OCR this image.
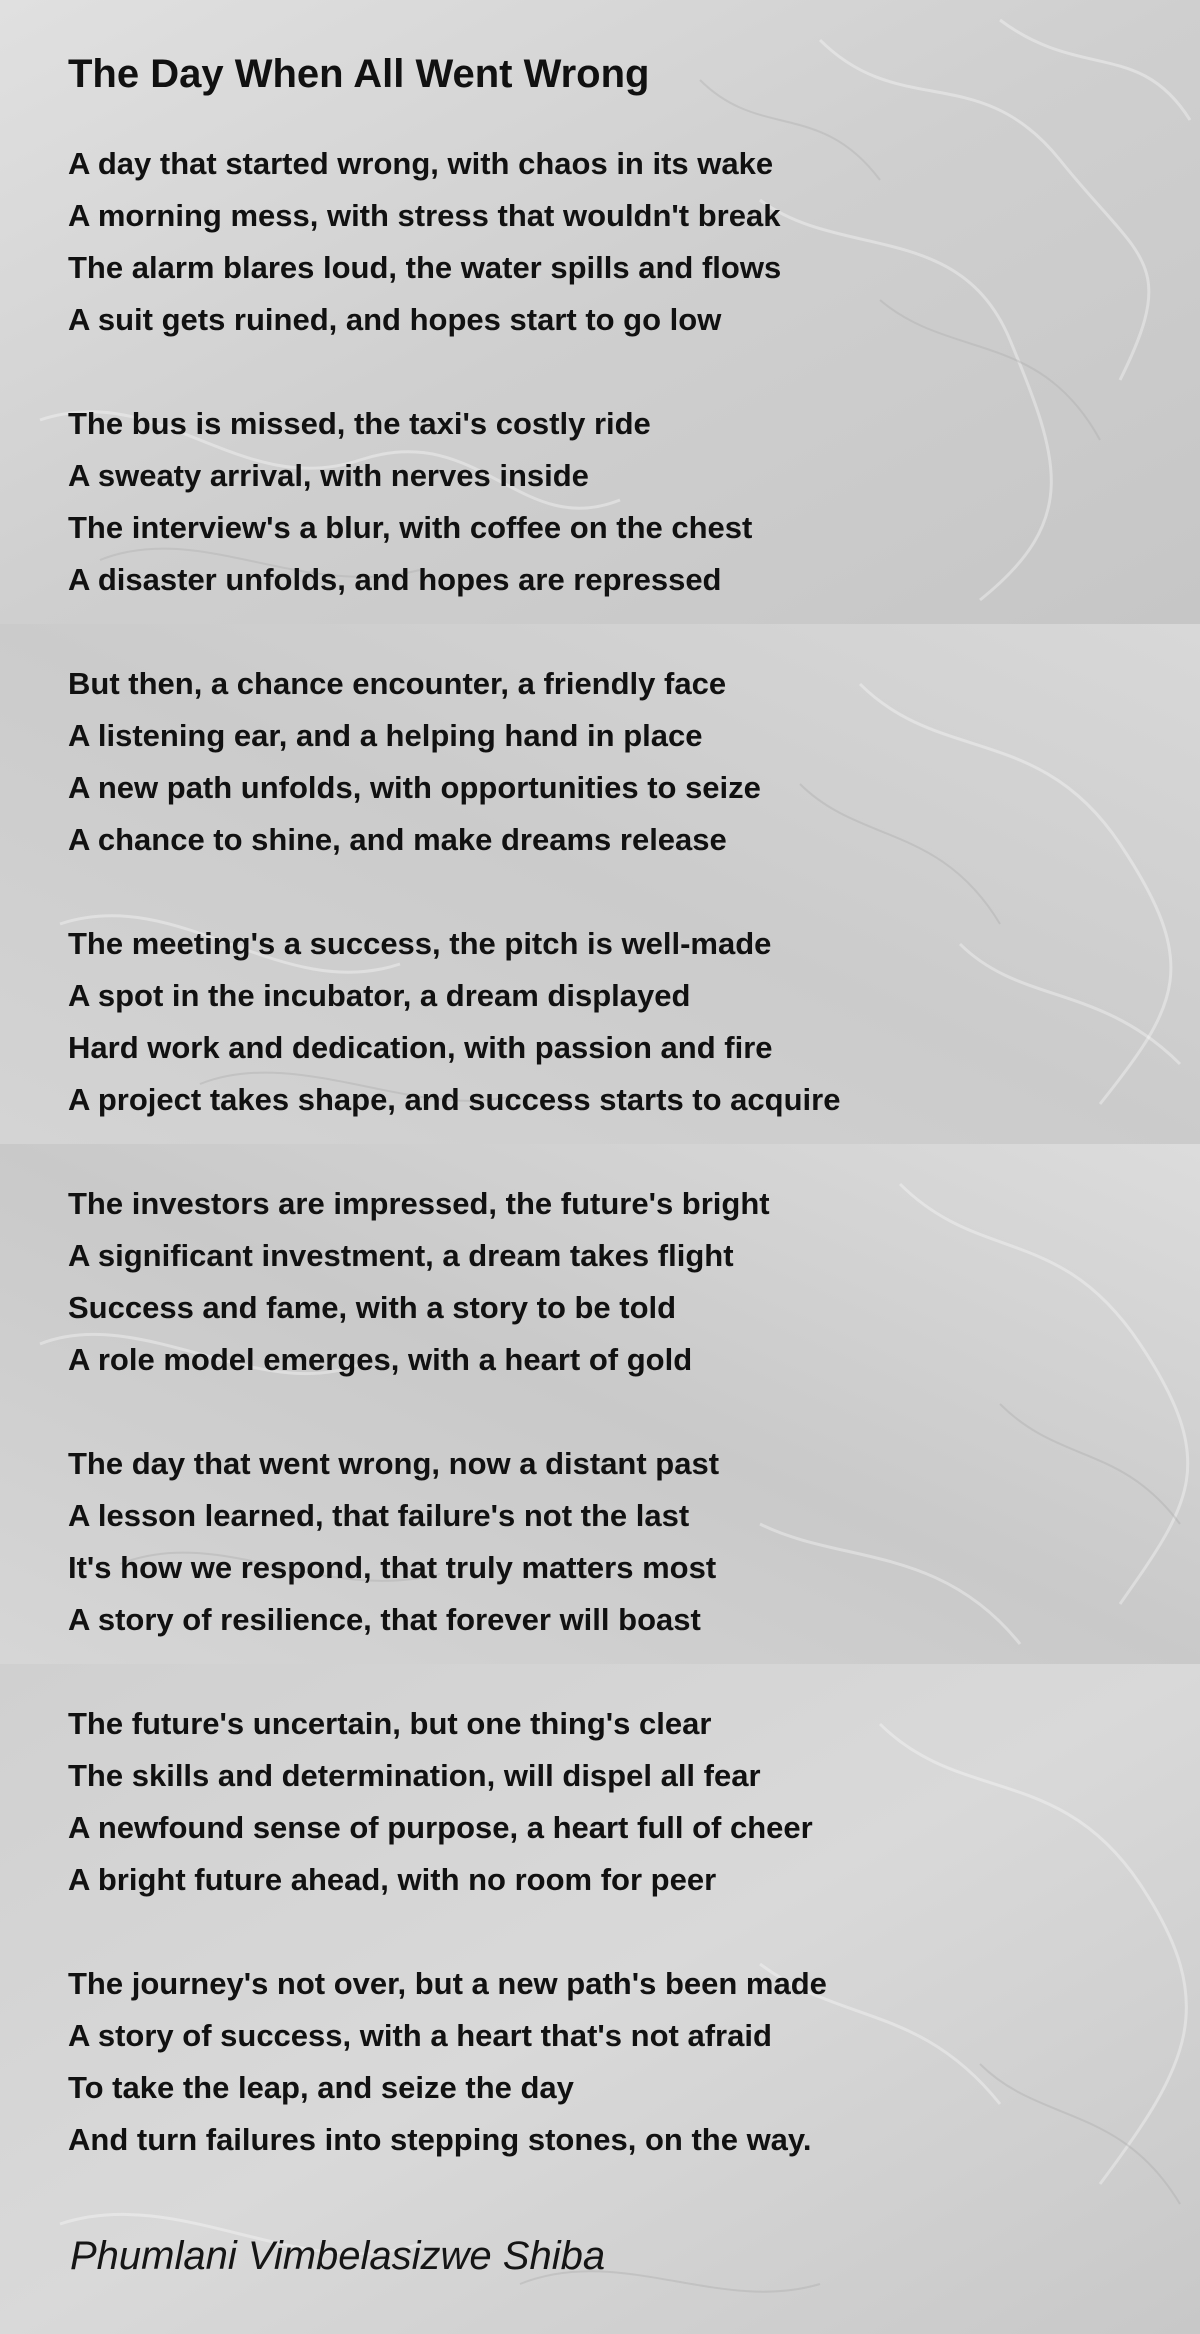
The Day When All Went Wrong
A day that started wrong, with chaos in its wake
A morning mess, with stress that wouldn't break
The alarm blares loud, the water spills and flows
A suit gets ruined, and hopes start to go low
The bus is missed, the taxi's costly ride
A sweaty arrival, with nerves inside
The interview's a blur, with coffee on the chest
A disaster unfolds, and hopes are repressed
But then, a chance encounter, a friendly face
A listening ear, and a helping hand in place
A new path unfolds, with opportunities to seize
A chance to shine, and make dreams release
The meeting's a success, the pitch is well-made
A spot in the incubator, a dream displayed
Hard work and dedication, with passion and fire
A project takes shape, and success starts to acquire
The investors are impressed, the future's bright
A significant investment, a dream takes flight
Success and fame, with a story to be told
A role model emerges, with a heart of gold
The day that went wrong, now a distant past
A lesson learned, that failure's not the last
It's how we respond, that truly matters most
A story of resilience, that forever will boast
The future's uncertain, but one thing's clear
The skills and determination, will dispel all fear
A newfound sense of purpose, a heart full of cheer
A bright future ahead, with no room for peer
The journey's not over, but a new path's been made
A story of success, with a heart that's not afraid
To take the leap, and seize the day
And turn failures into stepping stones, on the way.

Phumlani Vimbelasizwe Shiba
